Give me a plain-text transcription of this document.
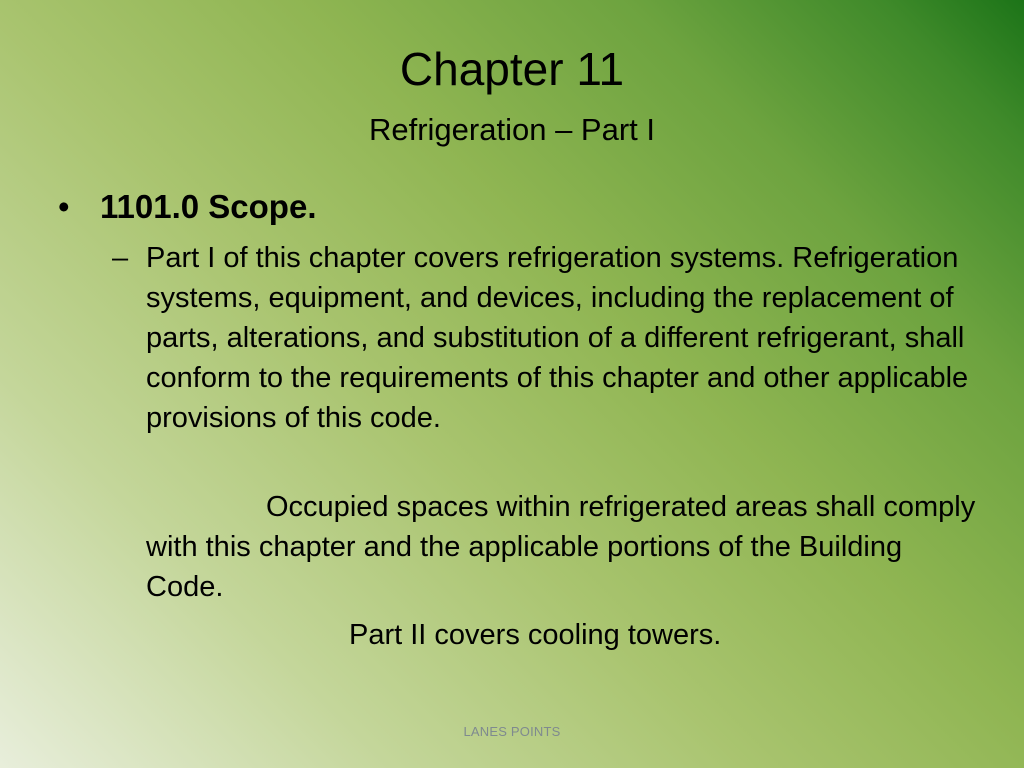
Chapter 11
Refrigeration – Part I
• 1101.0 Scope.
– Part I of this chapter covers refrigeration systems. Refrigeration systems, equipment, and devices, including the replacement of parts, alterations, and substitution of a different refrigerant, shall conform to the requirements of this chapter and other applicable provisions of this code.
Occupied spaces within refrigerated areas shall comply with this chapter and the applicable portions of the Building Code.
Part II covers cooling towers.
LANES POINTS
